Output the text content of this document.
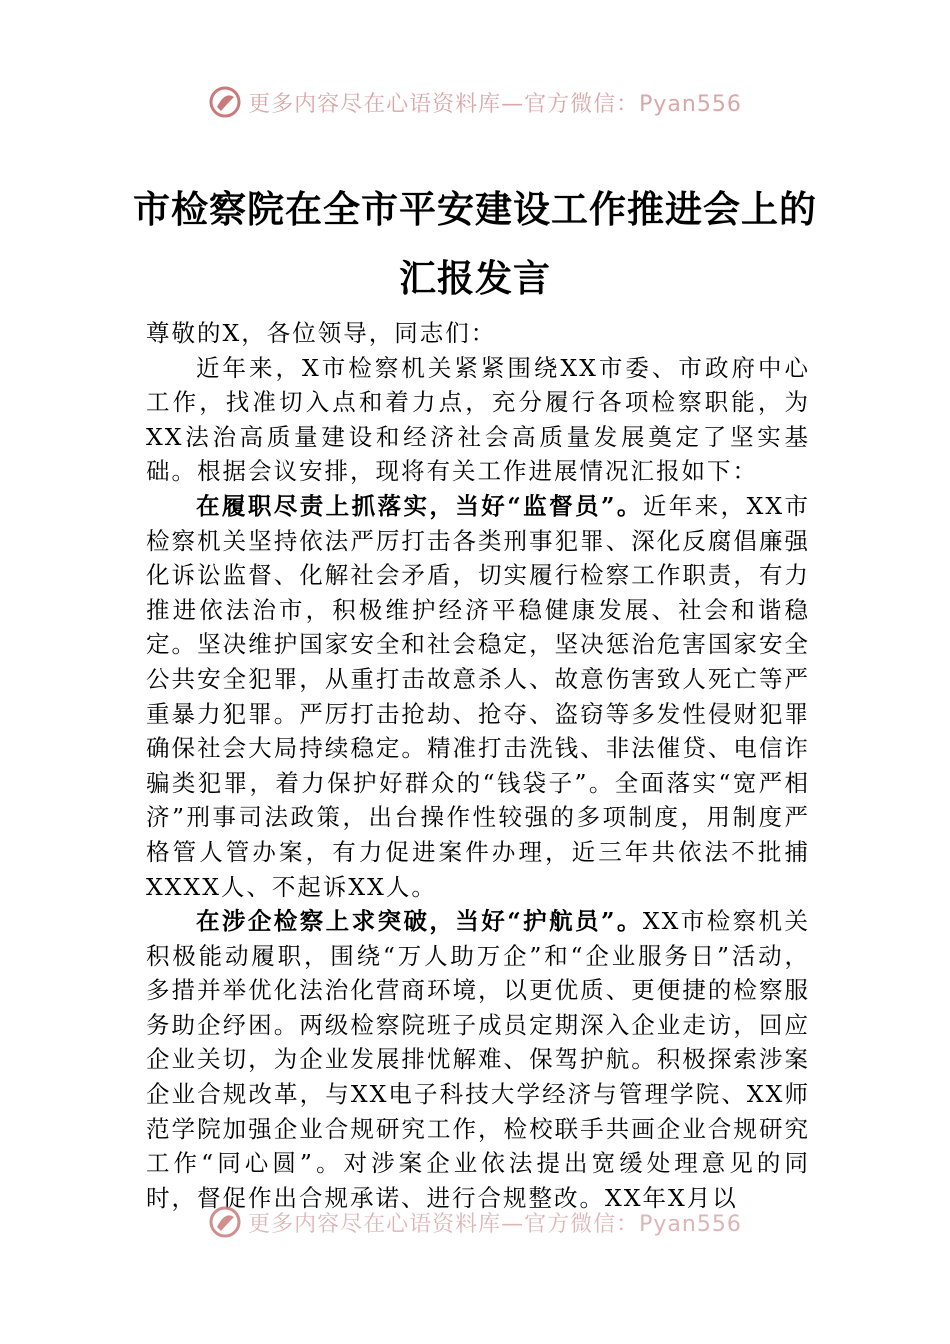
更多内容尽在心语资料库—官方微信：Pyan556
市检察院在全市平安建设工作推进会上的
汇报发言

尊敬的X，各位领导，同志们：

近年来，X市检察机关紧紧围绕XX市委、市政府中心工作，找准切入点和着力点，充分履行各项检察职能，为XX法治高质量建设和经济社会高质量发展奠定了坚实基础。根据会议安排，现将有关工作进展情况汇报如下：

在履职尽责上抓落实，当好“监督员”。近年来，XX市检察机关坚持依法严厉打击各类刑事犯罪、深化反腐倡廉强化诉讼监督、化解社会矛盾，切实履行检察工作职责，有力推进依法治市，积极维护经济平稳健康发展、社会和谐稳定。坚决维护国家安全和社会稳定，坚决惩治危害国家安全公共安全犯罪，从重打击故意杀人、故意伤害致人死亡等严重暴力犯罪。严厉打击抢劫、抢夺、盗窃等多发性侵财犯罪确保社会大局持续稳定。精准打击洗钱、非法催贷、电信诈骗类犯罪，着力保护好群众的“钱袋子”。全面落实“宽严相济”刑事司法政策，出台操作性较强的多项制度，用制度严格管人管办案，有力促进案件办理，近三年共依法不批捕XXXX人、不起诉XX人。

在涉企检察上求突破，当好“护航员”。XX市检察机关积极能动履职，围绕“万人助万企”和“企业服务日”活动，多措并举优化法治化营商环境，以更优质、更便捷的检察服务助企纾困。两级检察院班子成员定期深入企业走访，回应企业关切，为企业发展排忧解难、保驾护航。积极探索涉案企业合规改革，与XX电子科技大学经济与管理学院、XX师范学院加强企业合规研究工作，检校联手共画企业合规研究工作“同心圆”。对涉案企业依法提出宽缓处理意见的同时，督促作出合规承诺、进行合规整改。XX年X月以

更多内容尽在心语资料库—官方微信：Pyan556
